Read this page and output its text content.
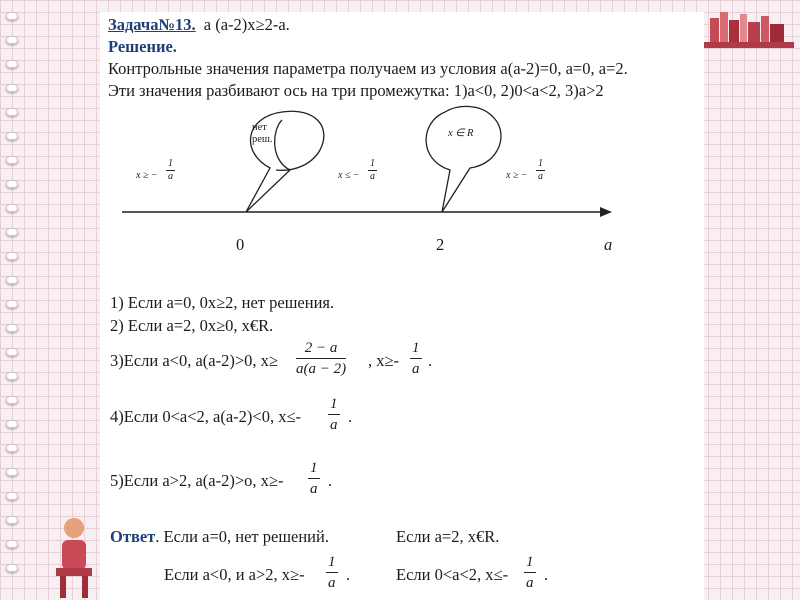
Задача№13. a (a-2)x≥2-a.
Решение.
Контрольные значения параметра получаем из условия а(а-2)=0, а=0, а=2.
Эти значения разбивают ось на три промежутка: 1)а<0, 2)0<а<2, 3)а>2
нет
реш.
x ∈ R
x ≥ − $\frac{1}{a}$	x ≤ − $\frac{1}{a}$	x ≥ − $\frac{1}{a}$
0	2	a
1) Если а=0, 0x≥2, нет решения.
2) Если а=2, 0x≥0, x€R.
3)Если а<0, a(a-2)>0, $x\ge \frac{2 - a}{a(a - 2)}$ , $x\ge- \frac{1}{a}$ .
4)Если 0<а<2, a(a-2)<0, $x\le- \frac{1}{a}$ .
5)Если a>2, a(a-2)>o, $x\ge- \frac{1}{a}$ .
Ответ. Если а=0, нет решений.	Если а=2, x€R.
Если а<0, и а>2, $x\ge- \frac{1}{a}$ .	Если 0<а<2, $x\le- \frac{1}{a}$ .
